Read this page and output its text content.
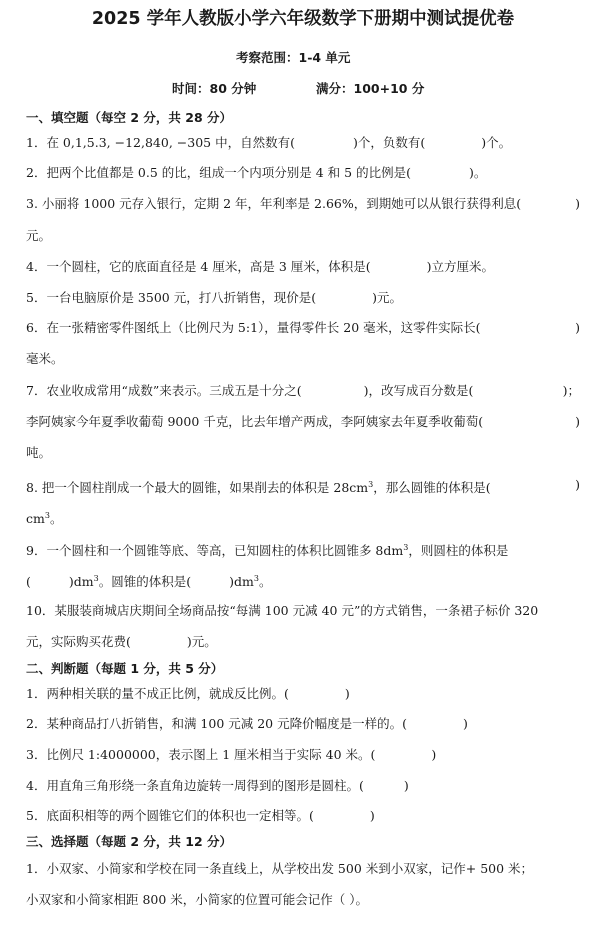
2025 学年人教版小学六年级数学下册期中测试提优卷
考察范围：1-4 单元
时间：80 分钟	满分：100+10 分
一、填空题（每空 2 分，共 28 分）
1．在 0,1,5.3, −12,840, −305 中，自然数有(	)个，负数有(	)个。
2．把两个比值都是 0.5 的比，组成一个内项分别是 4 和 5 的比例是(	)。
3. 小丽将 1000 元存入银行，定期 2 年，年利率是 2.66%，到期她可以从银行获得利息(	)
元。
4．一个圆柱，它的底面直径是 4 厘米，高是 3 厘米，体积是(	)立方厘米。
5．一台电脑原价是 3500 元，打八折销售，现价是(	)元。
6．在一张精密零件图纸上（比例尺为 5:1），量得零件长 20 毫米，这零件实际长(	)
毫米。
7．农业收成常用“成数”来表示。三成五是十分之(	)，改写成百分数是(	)；
李阿姨家今年夏季收葡萄 9000 千克，比去年增产两成，李阿姨家去年夏季收葡萄(	)
吨。
8. 把一个圆柱削成一个最大的圆锥，如果削去的体积是 $28cm^3$，那么圆锥的体积是(	)
$cm^3$。
9．一个圆柱和一个圆锥等底、等高，已知圆柱的体积比圆锥多 $8dm^3$，则圆柱的体积是
(	)$dm^3$。圆锥的体积是(	)$dm^3$。
10．某服装商城店庆期间全场商品按“每满 100 元减 40 元”的方式销售，一条裙子标价 320
元，实际购买花费(	)元。
二、判断题（每题 1 分，共 5 分）
1．两种相关联的量不成正比例，就成反比例。(	)
2．某种商品打八折销售，和满 100 元减 20 元降价幅度是一样的。(	)
3．比例尺 1:4000000，表示图上 1 厘米相当于实际 40 米。(	)
4．用直角三角形绕一条直角边旋转一周得到的图形是圆柱。(	)
5．底面积相等的两个圆锥它们的体积也一定相等。(	)
三、选择题（每题 2 分，共 12 分）
1．小双家、小简家和学校在同一条直线上，从学校出发 500 米到小双家，记作+ 500 米；
小双家和小简家相距 800 米，小简家的位置可能会记作（ ）。
